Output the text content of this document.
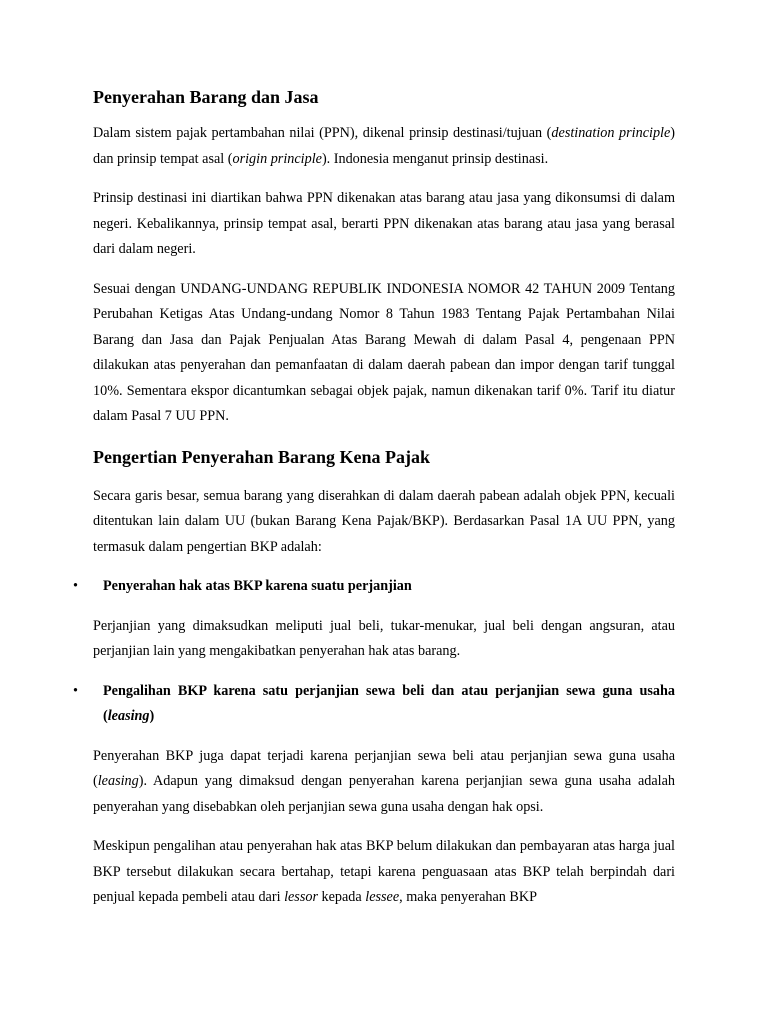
Penyerahan Barang dan Jasa

Dalam sistem pajak pertambahan nilai (PPN), dikenal prinsip destinasi/tujuan (destination principle) dan prinsip tempat asal (origin principle). Indonesia menganut prinsip destinasi.

Prinsip destinasi ini diartikan bahwa PPN dikenakan atas barang atau jasa yang dikonsumsi di dalam negeri. Kebalikannya, prinsip tempat asal, berarti PPN dikenakan atas barang atau jasa yang berasal dari dalam negeri.

Sesuai dengan UNDANG-UNDANG REPUBLIK INDONESIA NOMOR 42 TAHUN 2009 Tentang Perubahan Ketigas Atas Undang-undang Nomor 8 Tahun 1983 Tentang Pajak Pertambahan Nilai Barang dan Jasa dan Pajak Penjualan Atas Barang Mewah di dalam Pasal 4, pengenaan PPN dilakukan atas penyerahan dan pemanfaatan di dalam daerah pabean dan impor dengan tarif tunggal 10%. Sementara ekspor dicantumkan sebagai objek pajak, namun dikenakan tarif 0%. Tarif itu diatur dalam Pasal 7 UU PPN.

Pengertian Penyerahan Barang Kena Pajak

Secara garis besar, semua barang yang diserahkan di dalam daerah pabean adalah objek PPN, kecuali ditentukan lain dalam UU (bukan Barang Kena Pajak/BKP). Berdasarkan Pasal 1A UU PPN, yang termasuk dalam pengertian BKP adalah:

• Penyerahan hak atas BKP karena suatu perjanjian

Perjanjian yang dimaksudkan meliputi jual beli, tukar-menukar, jual beli dengan angsuran, atau perjanjian lain yang mengakibatkan penyerahan hak atas barang.

• Pengalihan BKP karena satu perjanjian sewa beli dan atau perjanjian sewa guna usaha (leasing)

Penyerahan BKP juga dapat terjadi karena perjanjian sewa beli atau perjanjian sewa guna usaha (leasing). Adapun yang dimaksud dengan penyerahan karena perjanjian sewa guna usaha adalah penyerahan yang disebabkan oleh perjanjian sewa guna usaha dengan hak opsi.

Meskipun pengalihan atau penyerahan hak atas BKP belum dilakukan dan pembayaran atas harga jual BKP tersebut dilakukan secara bertahap, tetapi karena penguasaan atas BKP telah berpindah dari penjual kepada pembeli atau dari lessor kepada lessee, maka penyerahan BKP
